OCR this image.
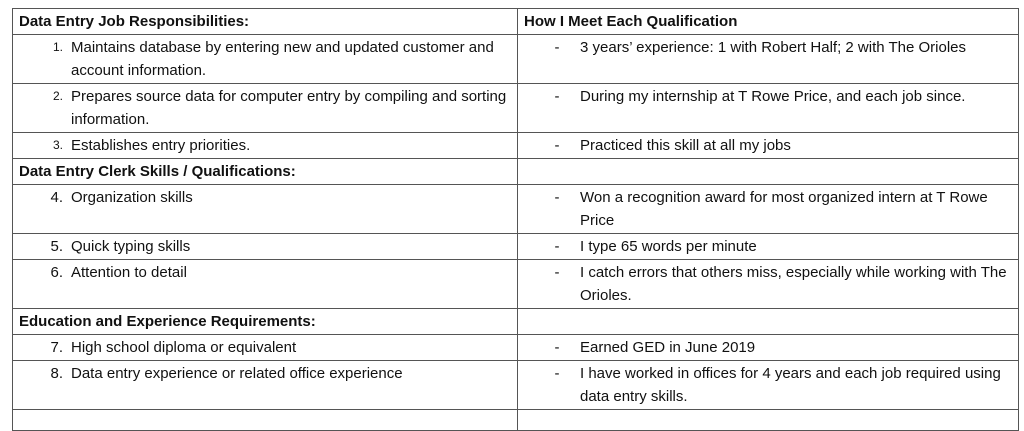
Data Entry Job Responsibilities:	How I Meet Each Qualification

1. Maintains database by entering new and updated customer and account information.	- 3 years’ experience: 1 with Robert Half; 2 with The Orioles

2. Prepares source data for computer entry by compiling and sorting information.	- During my internship at T Rowe Price, and each job since.

3. Establishes entry priorities.	- Practiced this skill at all my jobs

Data Entry Clerk Skills / Qualifications:	

4. Organization skills	- Won a recognition award for most organized intern at T Rowe Price

5. Quick typing skills	- I type 65 words per minute

6. Attention to detail	- I catch errors that others miss, especially while working with The Orioles.

Education and Experience Requirements:	

7. High school diploma or equivalent	- Earned GED in June 2019

8. Data entry experience or related office experience	- I have worked in offices for 4 years and each job required using data entry skills.
